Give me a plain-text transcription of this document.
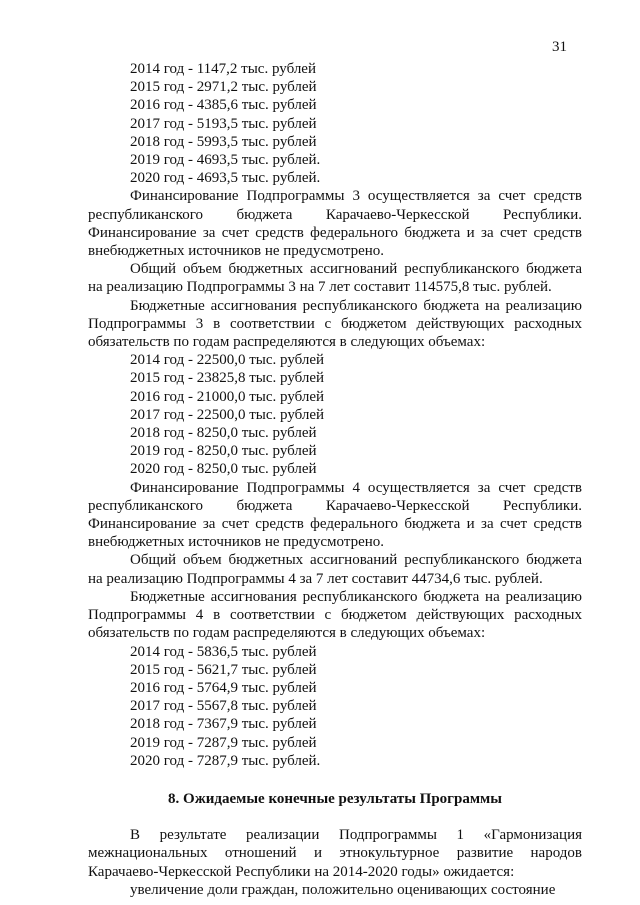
31
2014 год - 1147,2 тыс. рублей
2015 год - 2971,2 тыс. рублей
2016 год - 4385,6 тыс. рублей
2017 год - 5193,5 тыс. рублей
2018 год - 5993,5 тыс. рублей
2019 год - 4693,5 тыс. рублей.
2020 год - 4693,5 тыс. рублей.

Финансирование Подпрограммы 3 осуществляется за счет средств республиканского бюджета Карачаево-Черкесской Республики. Финансирование за счет средств федерального бюджета и за счет средств внебюджетных источников не предусмотрено.

Общий объем бюджетных ассигнований республиканского бюджета на реализацию Подпрограммы 3 на 7 лет составит 114575,8 тыс. рублей.

Бюджетные ассигнования республиканского бюджета на реализацию Подпрограммы 3 в соответствии с бюджетом действующих расходных обязательств по годам распределяются в следующих объемах:

2014 год - 22500,0 тыс. рублей
2015 год - 23825,8 тыс. рублей
2016 год - 21000,0 тыс. рублей
2017 год - 22500,0 тыс. рублей
2018 год - 8250,0 тыс. рублей
2019 год - 8250,0 тыс. рублей
2020 год - 8250,0 тыс. рублей

Финансирование Подпрограммы 4 осуществляется за счет средств республиканского бюджета Карачаево-Черкесской Республики. Финансирование за счет средств федерального бюджета и за счет средств внебюджетных источников не предусмотрено.

Общий объем бюджетных ассигнований республиканского бюджета на реализацию Подпрограммы 4 за 7 лет составит 44734,6 тыс. рублей.

Бюджетные ассигнования республиканского бюджета на реализацию Подпрограммы 4 в соответствии с бюджетом действующих расходных обязательств по годам распределяются в следующих объемах:

2014 год - 5836,5 тыс. рублей
2015 год - 5621,7 тыс. рублей
2016 год - 5764,9 тыс. рублей
2017 год - 5567,8 тыс. рублей
2018 год - 7367,9 тыс. рублей
2019 год - 7287,9 тыс. рублей
2020 год - 7287,9 тыс. рублей.
8. Ожидаемые конечные результаты Программы

В результате реализации Подпрограммы 1 «Гармонизация межнациональных отношений и этнокультурное развитие народов Карачаево-Черкесской Республики на 2014-2020 годы» ожидается:

увеличение доли граждан, положительно оценивающих состояние
